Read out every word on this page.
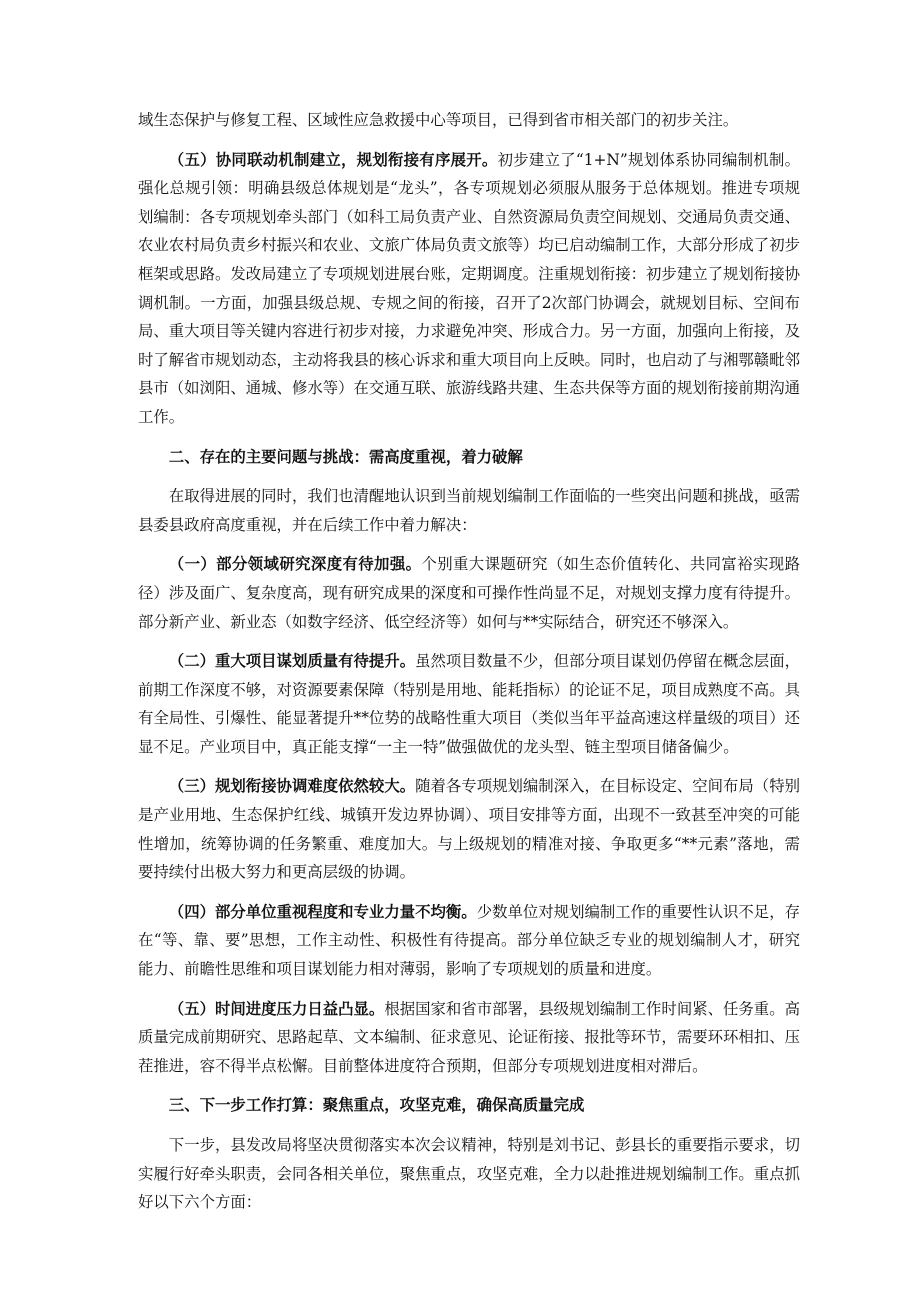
域生态保护与修复工程、区域性应急救援中心等项目，已得到省市相关部门的初步关注。

（五）协同联动机制建立，规划衔接有序展开。初步建立了“1+N”规划体系协同编制机制。强化总规引领：明确县级总体规划是“龙头”，各专项规划必须服从服务于总体规划。推进专项规划编制：各专项规划牵头部门（如科工局负责产业、自然资源局负责空间规划、交通局负责交通、农业农村局负责乡村振兴和农业、文旅广体局负责文旅等）均已启动编制工作，大部分形成了初步框架或思路。发改局建立了专项规划进展台账，定期调度。注重规划衔接：初步建立了规划衔接协调机制。一方面，加强县级总规、专规之间的衔接，召开了2次部门协调会，就规划目标、空间布局、重大项目等关键内容进行初步对接，力求避免冲突、形成合力。另一方面，加强向上衔接，及时了解省市规划动态，主动将我县的核心诉求和重大项目向上反映。同时，也启动了与湘鄂赣毗邻县市（如浏阳、通城、修水等）在交通互联、旅游线路共建、生态共保等方面的规划衔接前期沟通工作。

二、存在的主要问题与挑战：需高度重视，着力破解

在取得进展的同时，我们也清醒地认识到当前规划编制工作面临的一些突出问题和挑战，亟需县委县政府高度重视，并在后续工作中着力解决：

（一）部分领域研究深度有待加强。个别重大课题研究（如生态价值转化、共同富裕实现路径）涉及面广、复杂度高，现有研究成果的深度和可操作性尚显不足，对规划支撑力度有待提升。部分新产业、新业态（如数字经济、低空经济等）如何与**实际结合，研究还不够深入。

（二）重大项目谋划质量有待提升。虽然项目数量不少，但部分项目谋划仍停留在概念层面，前期工作深度不够，对资源要素保障（特别是用地、能耗指标）的论证不足，项目成熟度不高。具有全局性、引爆性、能显著提升**位势的战略性重大项目（类似当年平益高速这样量级的项目）还显不足。产业项目中，真正能支撑“一主一特”做强做优的龙头型、链主型项目储备偏少。

（三）规划衔接协调难度依然较大。随着各专项规划编制深入，在目标设定、空间布局（特别是产业用地、生态保护红线、城镇开发边界协调）、项目安排等方面，出现不一致甚至冲突的可能性增加，统筹协调的任务繁重、难度加大。与上级规划的精准对接、争取更多“**元素”落地，需要持续付出极大努力和更高层级的协调。

（四）部分单位重视程度和专业力量不均衡。少数单位对规划编制工作的重要性认识不足，存在“等、靠、要”思想，工作主动性、积极性有待提高。部分单位缺乏专业的规划编制人才，研究能力、前瞻性思维和项目谋划能力相对薄弱，影响了专项规划的质量和进度。

（五）时间进度压力日益凸显。根据国家和省市部署，县级规划编制工作时间紧、任务重。高质量完成前期研究、思路起草、文本编制、征求意见、论证衔接、报批等环节，需要环环相扣、压茬推进，容不得半点松懈。目前整体进度符合预期，但部分专项规划进度相对滞后。

三、下一步工作打算：聚焦重点，攻坚克难，确保高质量完成

下一步，县发改局将坚决贯彻落实本次会议精神，特别是刘书记、彭县长的重要指示要求，切实履行好牵头职责，会同各相关单位，聚焦重点，攻坚克难，全力以赴推进规划编制工作。重点抓好以下六个方面：
